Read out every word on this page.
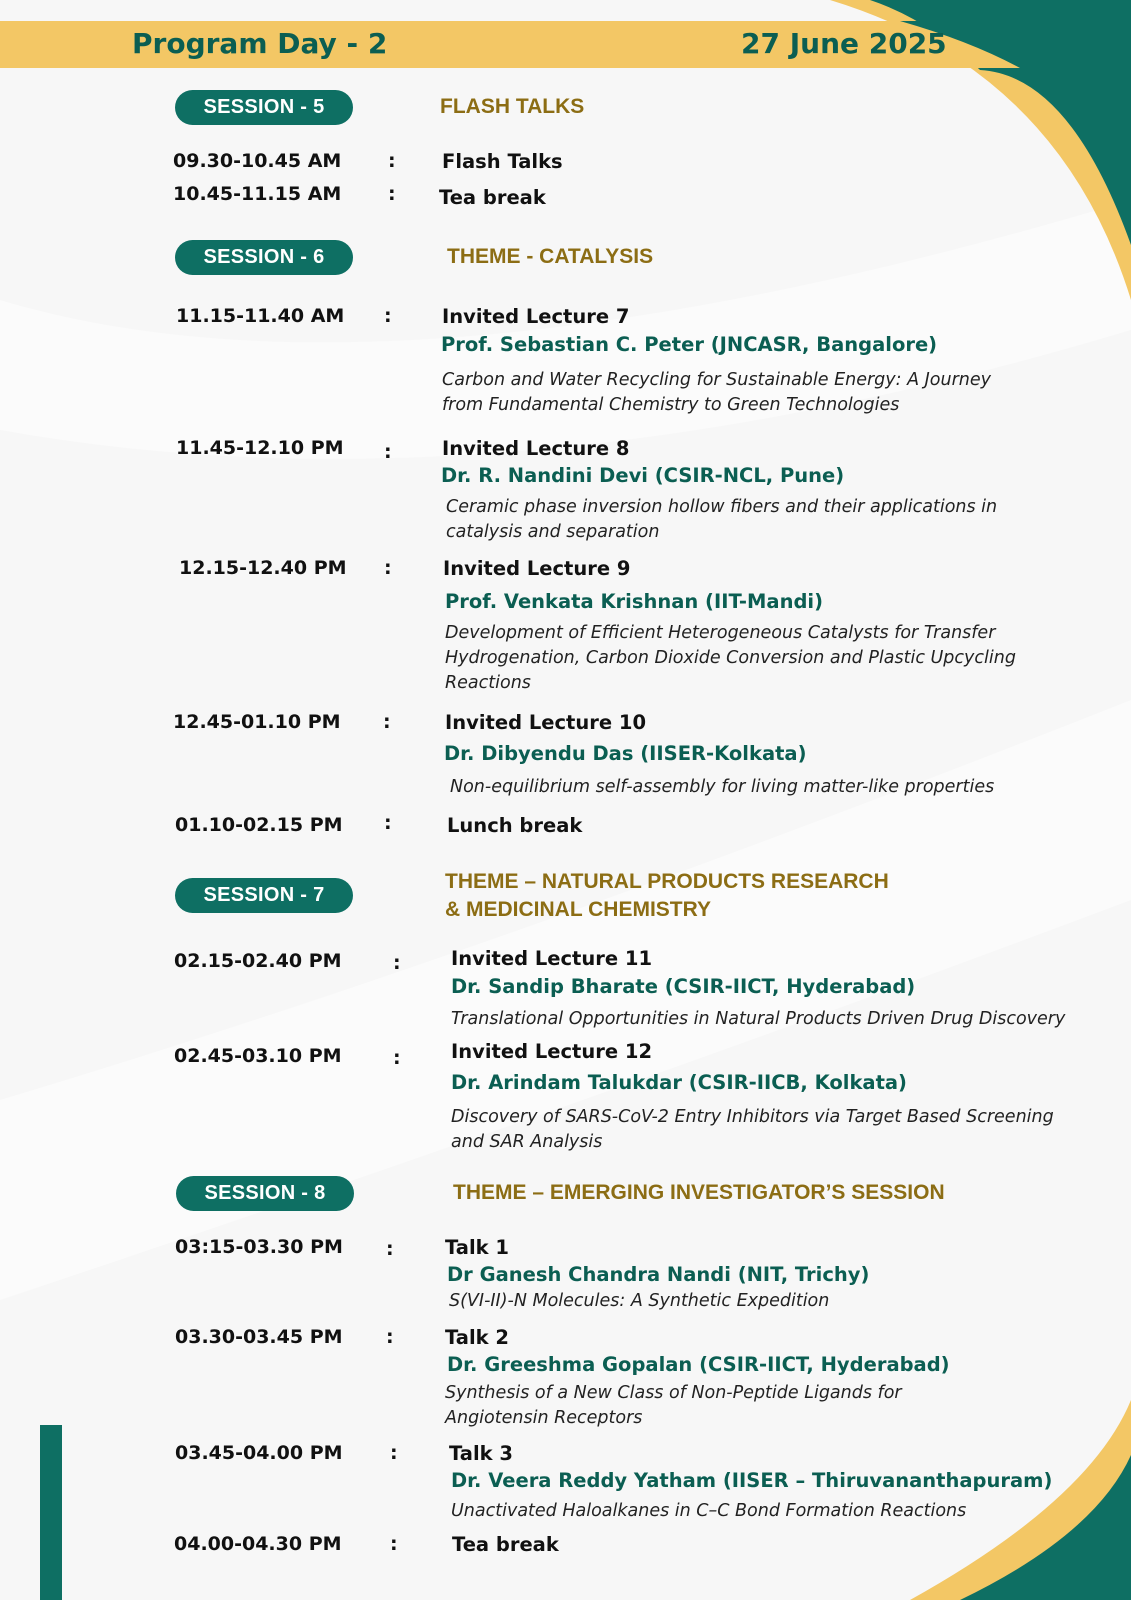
Program Day - 2	27 June 2025
SESSION - 5	FLASH TALKS
09.30-10.45 AM : Flash Talks
10.45-11.15 AM : Tea break
SESSION - 6	THEME - CATALYSIS
11.15-11.40 AM :	Invited Lecture 7
Prof. Sebastian C. Peter (JNCASR, Bangalore)
Carbon and Water Recycling for Sustainable Energy: A Journey from Fundamental Chemistry to Green Technologies
11.45-12.10 PM :	Invited Lecture 8
Dr. R. Nandini Devi (CSIR-NCL, Pune)
Ceramic phase inversion hollow fibers and their applications in catalysis and separation
12.15-12.40 PM :	Invited Lecture 9
Prof. Venkata Krishnan (IIT-Mandi)
Development of Efficient Heterogeneous Catalysts for Transfer Hydrogenation, Carbon Dioxide Conversion and Plastic Upcycling Reactions
12.45-01.10 PM :	Invited Lecture 10
Dr. Dibyendu Das (IISER-Kolkata)
Non-equilibrium self-assembly for living matter-like properties
01.10-02.15 PM :	Lunch break
SESSION - 7
THEME – NATURAL PRODUCTS RESEARCH
& MEDICINAL CHEMISTRY
02.15-02.40 PM	:	Invited Lecture 11
Dr. Sandip Bharate (CSIR-IICT, Hyderabad)
Translational Opportunities in Natural Products Driven Drug Discovery
02.45-03.10 PM	:	Invited Lecture 12
Dr. Arindam Talukdar (CSIR-IICB, Kolkata)
Discovery of SARS-CoV-2 Entry Inhibitors via Target Based Screening and SAR Analysis
SESSION - 8	THEME – EMERGING INVESTIGATOR’S SESSION
03:15-03.30 PM :	Talk 1
Dr Ganesh Chandra Nandi (NIT, Trichy)
S(VI-II)-N Molecules: A Synthetic Expedition
03.30-03.45 PM :	Talk 2
Dr. Greeshma Gopalan (CSIR-IICT, Hyderabad)
Synthesis of a New Class of Non-Peptide Ligands for Angiotensin Receptors
03.45-04.00 PM :	Talk 3
Dr. Veera Reddy Yatham (IISER – Thiruvananthapuram)
Unactivated Haloalkanes in C–C Bond Formation Reactions
04.00-04.30 PM	:	Tea break
